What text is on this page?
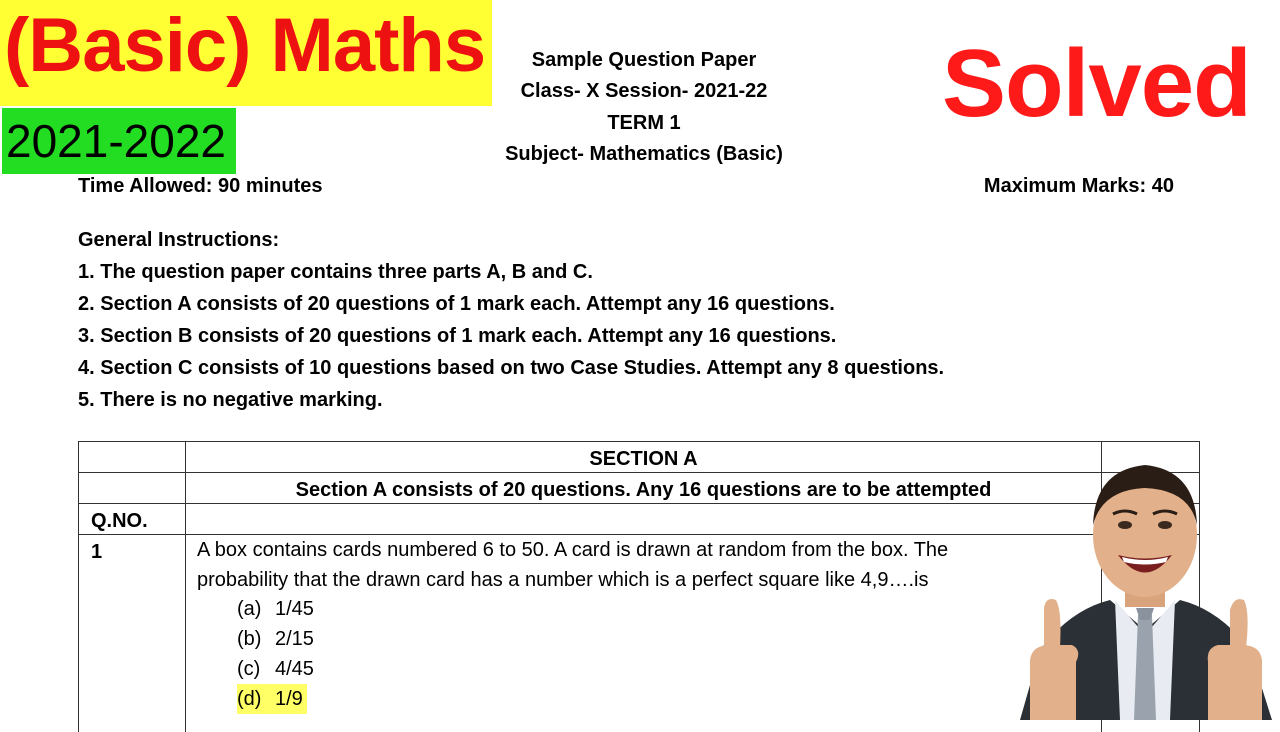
(Basic) Maths
2021-2022
Solved
Sample Question Paper
Class- X Session- 2021-22
TERM 1
Subject- Mathematics (Basic)
Time Allowed: 90 minutes	Maximum Marks: 40
General Instructions:
1. The question paper contains three parts A, B and C.
2. Section A consists of 20 questions of 1 mark each. Attempt any 16 questions.
3. Section B consists of 20 questions of 1 mark each. Attempt any 16 questions.
4. Section C consists of 10 questions based on two Case Studies. Attempt any 8 questions.
5. There is no negative marking.
SECTION A
Section A consists of 20 questions. Any 16 questions are to be attempted
Q.NO.
1	A box contains cards numbered 6 to 50. A card is drawn at random from the box. The
probability that the drawn card has a number which is a perfect square like 4,9….is
(a) 1/45
(b) 2/15
(c) 4/45
(d) 1/9
